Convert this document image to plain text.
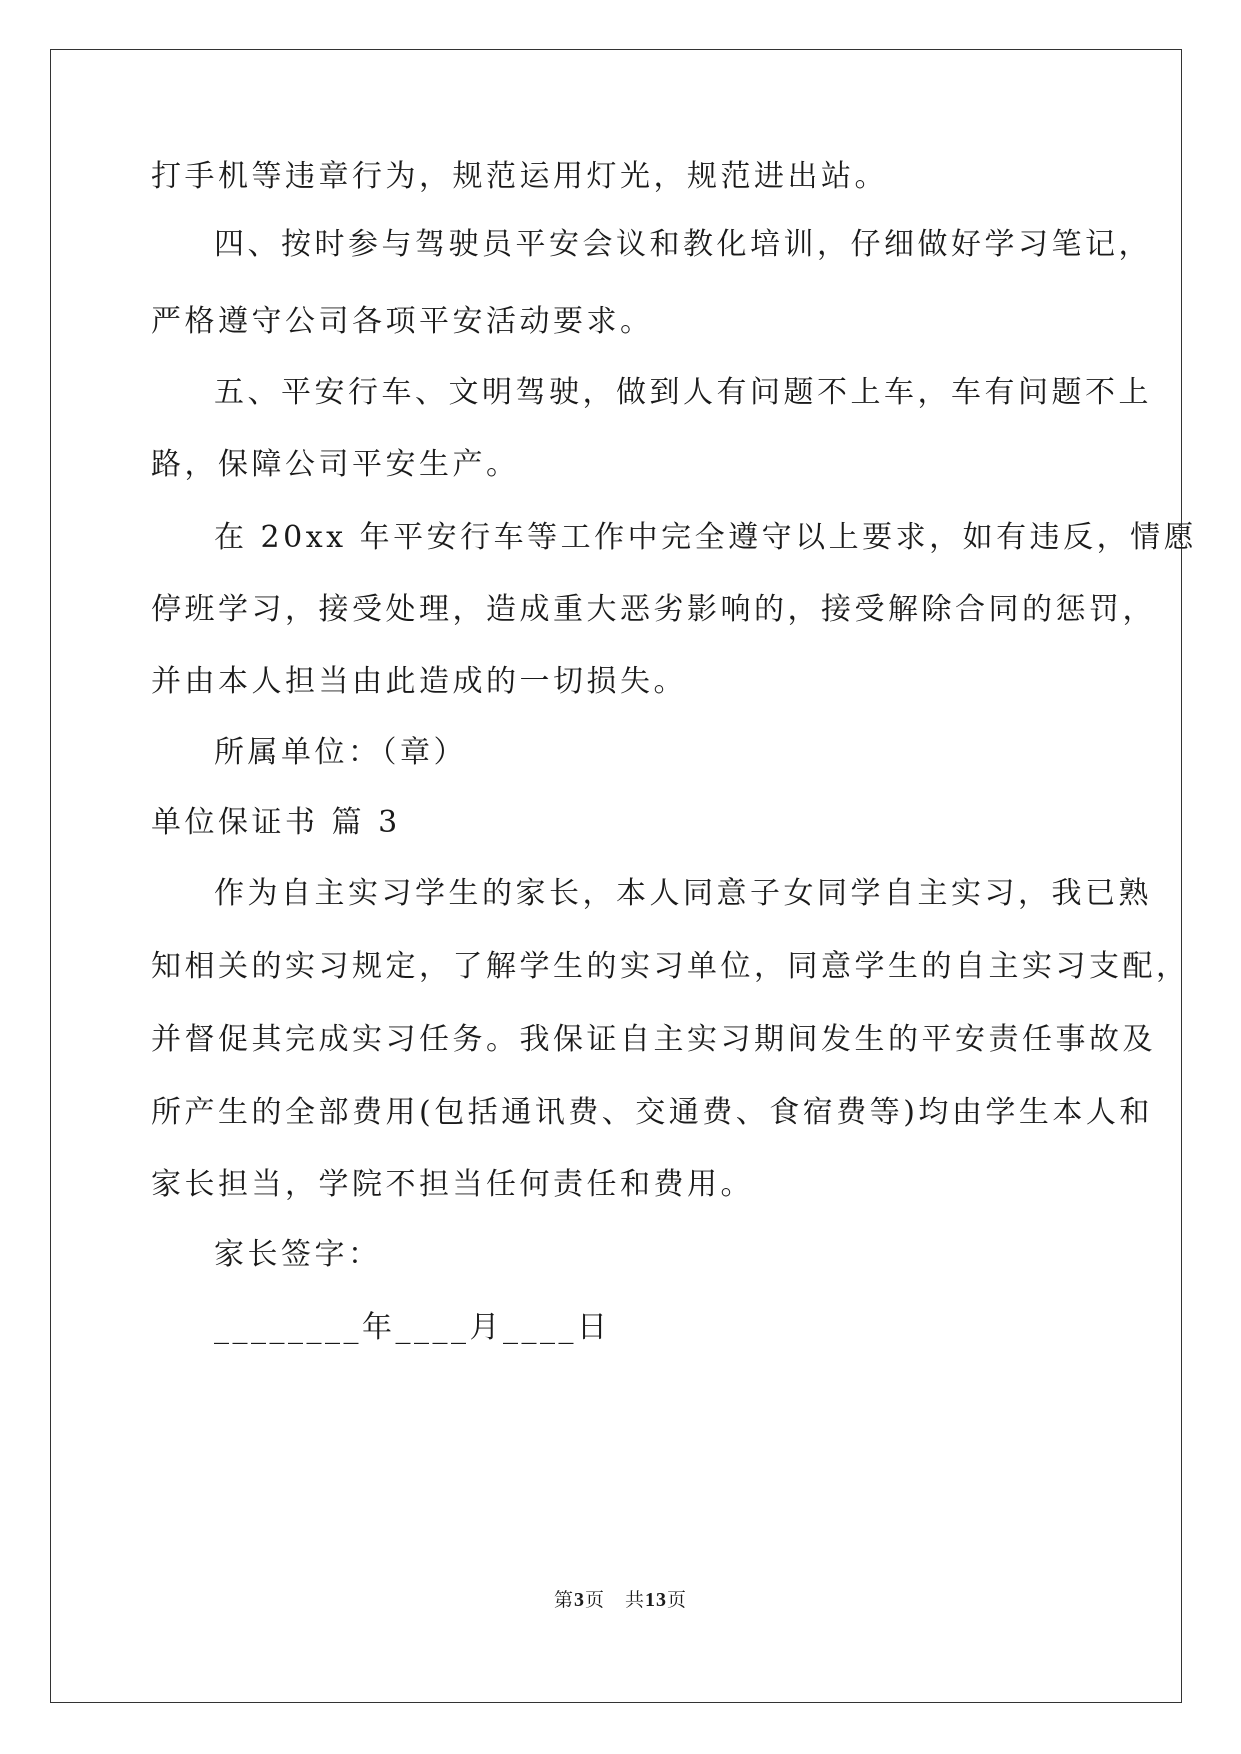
打手机等违章行为，规范运用灯光，规范进出站。
四、按时参与驾驶员平安会议和教化培训，仔细做好学习笔记，
严格遵守公司各项平安活动要求。
五、平安行车、文明驾驶，做到人有问题不上车，车有问题不上
路，保障公司平安生产。
在 20xx 年平安行车等工作中完全遵守以上要求，如有违反，情愿
停班学习，接受处理，造成重大恶劣影响的，接受解除合同的惩罚，
并由本人担当由此造成的一切损失。
所属单位：（章）
单位保证书 篇 3
作为自主实习学生的家长，本人同意子女同学自主实习，我已熟
知相关的实习规定，了解学生的实习单位，同意学生的自主实习支配，
并督促其完成实习任务。我保证自主实习期间发生的平安责任事故及
所产生的全部费用(包括通讯费、交通费、食宿费等)均由学生本人和
家长担当，学院不担当任何责任和费用。
家长签字：
________年____月____日
第3页 共13页
